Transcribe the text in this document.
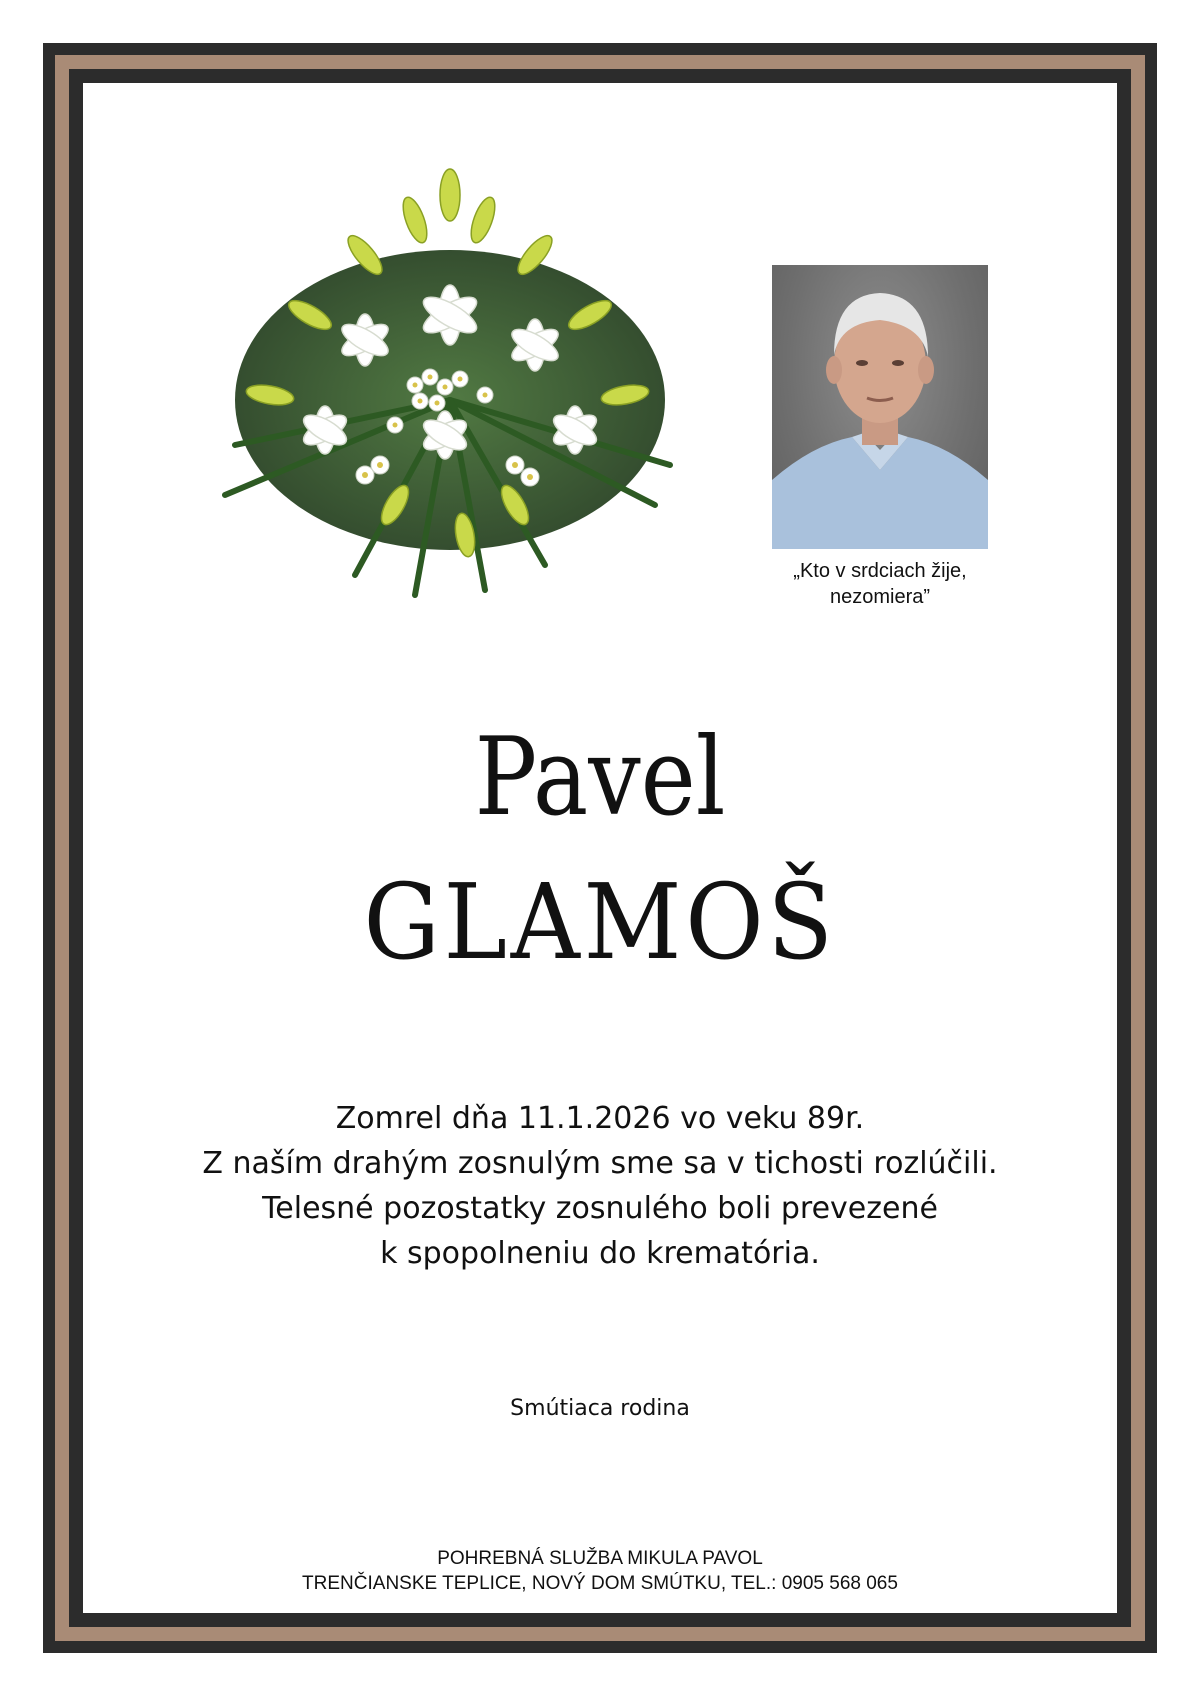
„Kto v srdciach žije,
nezomiera”
Pavel
GLAMOŠ
Zomrel dňa 11.1.2026 vo veku 89r.
Z naším drahým zosnulým sme sa v tichosti rozlúčili.
Telesné pozostatky zosnulého boli prevezené
k spopolneniu do krematória.
Smútiaca rodina
POHREBNÁ SLUŽBA MIKULA PAVOL
TRENČIANSKE TEPLICE, NOVÝ DOM SMÚTKU, TEL.: 0905 568 065
